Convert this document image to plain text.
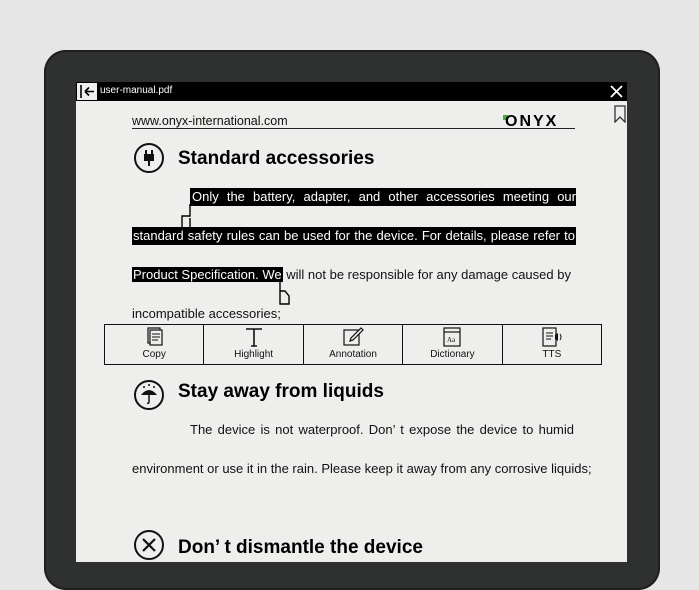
user-manual.pdf
www.onyx-international.com	ONYX
Standard accessories
Only the battery, adapter, and other accessories meeting our
standard safety rules can be used for the device. For details, please refer to
Product Specification. We will not be responsible for any damage caused by
incompatible accessories;
Copy	Highlight	Annotation
Aa
Dictionary	TTS
Stay away from liquids
The device is not waterproof. Don’ t expose the device to humid
environment or use it in the rain. Please keep it away from any corrosive liquids;
Don’ t dismantle the device
